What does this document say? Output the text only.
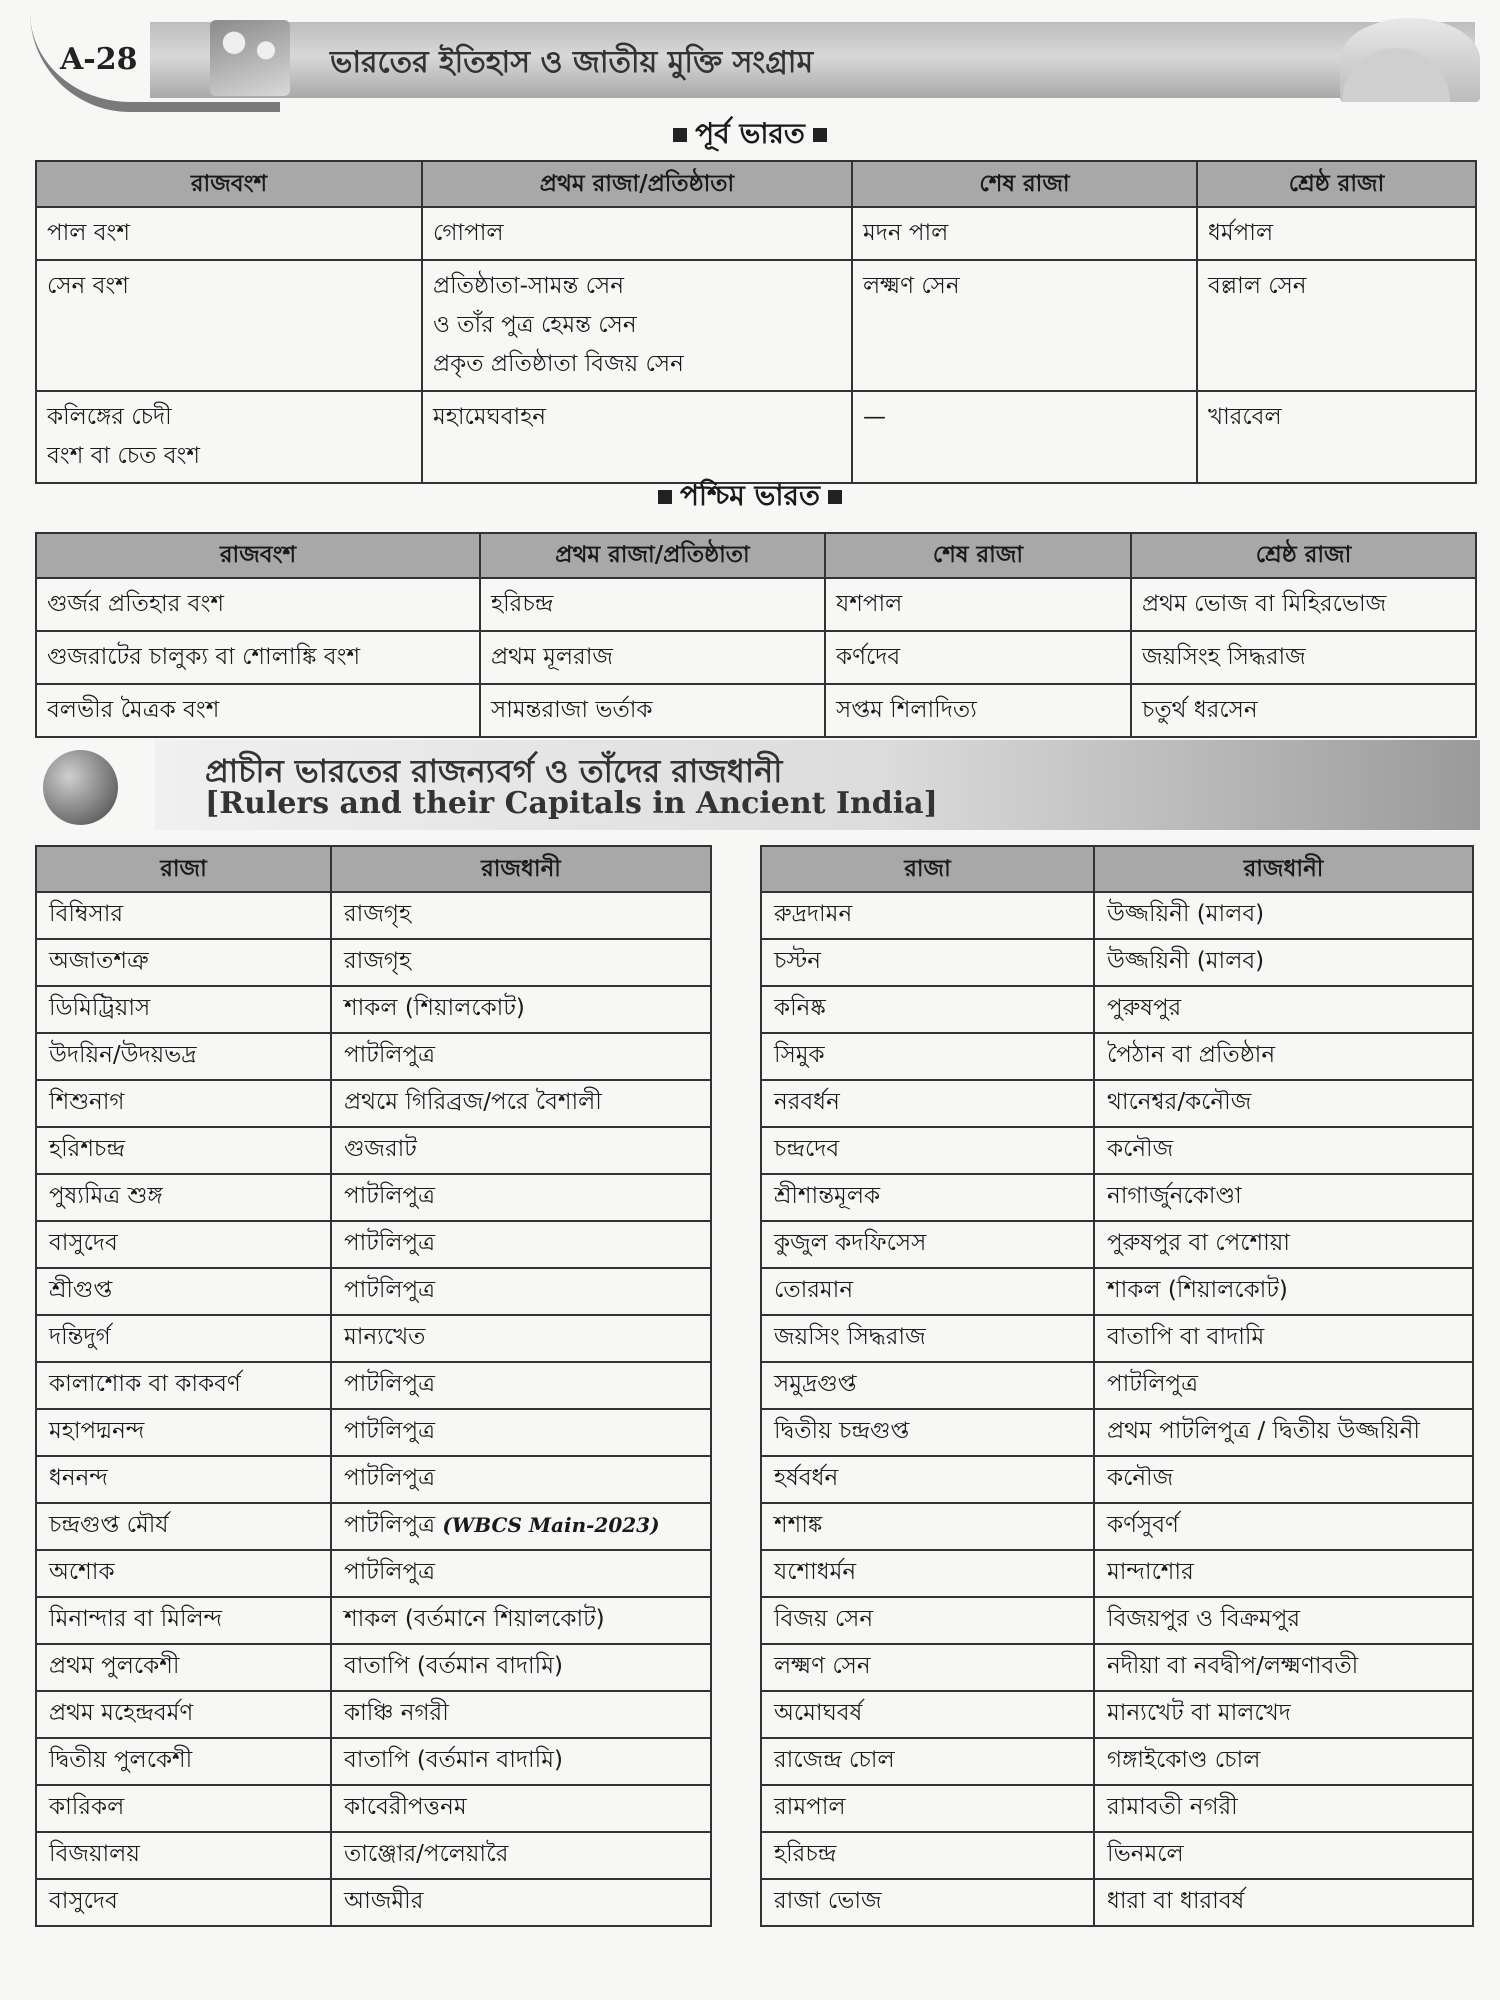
A-28	ভারতের ইতিহাস ও জাতীয় মুক্তি সংগ্রাম
পূর্ব ভারত
রাজবংশ	প্রথম রাজা/প্রতিষ্ঠাতা	শেষ রাজা	শ্রেষ্ঠ রাজা

পাল বংশ	গোপাল	মদন পাল	ধর্মপাল

সেন বংশ	প্রতিষ্ঠাতা-সামন্ত সেন
ও তাঁর পুত্র হেমন্ত সেন
প্রকৃত প্রতিষ্ঠাতা বিজয় সেন	লক্ষ্মণ সেন	বল্লাল সেন

কলিঙ্গের চেদী
বংশ বা চেত বংশ	মহামেঘবাহন	—	খারবেল
পশ্চিম ভারত
রাজবংশ	প্রথম রাজা/প্রতিষ্ঠাতা	শেষ রাজা	শ্রেষ্ঠ রাজা
গুর্জর প্রতিহার বংশ	হরিচন্দ্র	যশপাল	প্রথম ভোজ বা মিহিরভোজ
গুজরাটের চালুক্য বা শোলাঙ্কি বংশ	প্রথম মূলরাজ	কর্ণদেব	জয়সিংহ সিদ্ধরাজ
বলভীর মৈত্রক বংশ	সামন্তরাজা ভর্তাক	সপ্তম শিলাদিত্য	চতুর্থ ধরসেন
প্রাচীন ভারতের রাজন্যবর্গ ও তাঁদের রাজধানী
[Rulers and their Capitals in Ancient India]
রাজা	রাজধানী
বিম্বিসার	রাজগৃহ
অজাতশত্রু	রাজগৃহ
ডিমিট্রিয়াস	শাকল (শিয়ালকোট)
উদয়িন/উদয়ভদ্র	পাটলিপুত্র
শিশুনাগ	প্রথমে গিরিব্রজ/পরে বৈশালী
হরিশচন্দ্র	গুজরাট
পুষ্যমিত্র শুঙ্গ	পাটলিপুত্র
বাসুদেব	পাটলিপুত্র
শ্রীগুপ্ত	পাটলিপুত্র
দন্তিদুর্গ	মান্যখেত
কালাশোক বা কাকবর্ণ	পাটলিপুত্র
মহাপদ্মনন্দ	পাটলিপুত্র
ধননন্দ	পাটলিপুত্র
চন্দ্রগুপ্ত মৌর্য	পাটলিপুত্র (WBCS Main-2023)
অশোক	পাটলিপুত্র
মিনান্দার বা মিলিন্দ	শাকল (বর্তমানে শিয়ালকোট)
প্রথম পুলকেশী	বাতাপি (বর্তমান বাদামি)
প্রথম মহেন্দ্রবর্মণ	কাঞ্চি নগরী
দ্বিতীয় পুলকেশী	বাতাপি (বর্তমান বাদামি)
কারিকল	কাবেরীপত্তনম
বিজয়ালয়	তাঞ্জোর/পলেয়ারৈ
বাসুদেব	আজমীর
রাজা	রাজধানী
রুদ্রদামন	উজ্জয়িনী (মালব)
চস্টন	উজ্জয়িনী (মালব)
কনিষ্ক	পুরুষপুর
সিমুক	পৈঠান বা প্রতিষ্ঠান
নরবর্ধন	থানেশ্বর/কনৌজ
চন্দ্রদেব	কনৌজ
শ্রীশান্তমূলক	নাগার্জুনকোণ্ডা
কুজুল কদফিসেস	পুরুষপুর বা পেশোয়া
তোরমান	শাকল (শিয়ালকোট)
জয়সিং সিদ্ধরাজ	বাতাপি বা বাদামি
সমুদ্রগুপ্ত	পাটলিপুত্র
দ্বিতীয় চন্দ্রগুপ্ত	প্রথম পাটলিপুত্র / দ্বিতীয় উজ্জয়িনী
হর্ষবর্ধন	কনৌজ
শশাঙ্ক	কর্ণসুবর্ণ
যশোধর্মন	মান্দাশোর
বিজয় সেন	বিজয়পুর ও বিক্রমপুর
লক্ষ্মণ সেন	নদীয়া বা নবদ্বীপ/লক্ষ্মণাবতী
অমোঘবর্ষ	মান্যখেট বা মালখেদ
রাজেন্দ্র চোল	গঙ্গাইকোণ্ড চোল
রামপাল	রামাবতী নগরী
হরিচন্দ্র	ভিনমলে
রাজা ভোজ	ধারা বা ধারাবর্ষ
